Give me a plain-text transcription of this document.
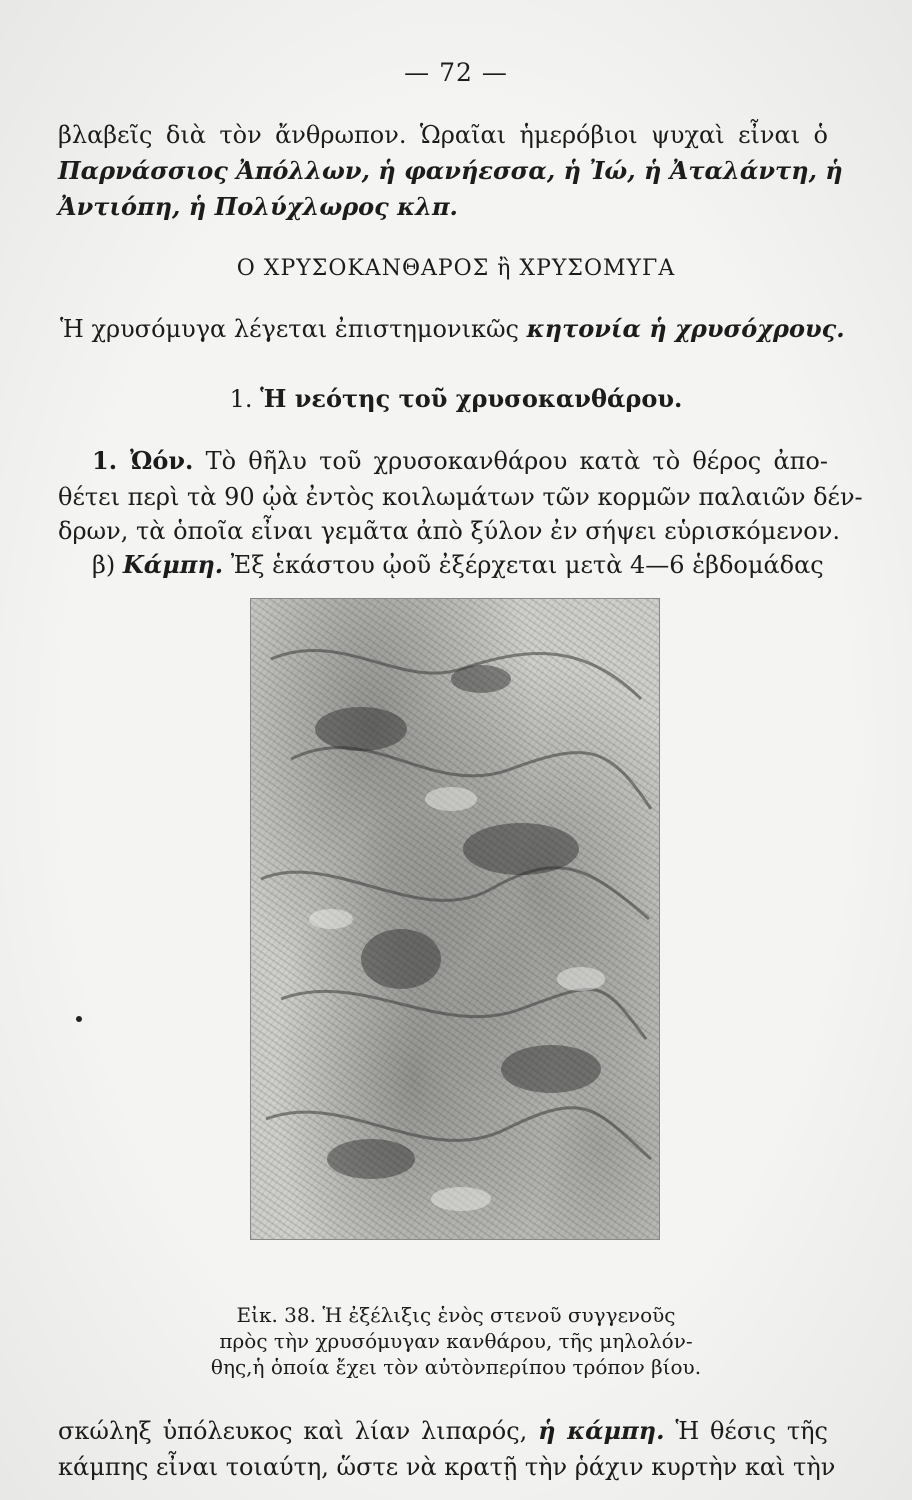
— 72 —
βλαβεῖς διὰ τὸν ἄνθρωπον. Ὡραῖαι ἡμερόβιοι ψυχαὶ εἶναι ὁ
Παρνάσσιος Ἀπόλλων, ἡ φανήεσσα, ἡ Ἰώ, ἡ Ἀταλάντη, ἡ
Ἀντιόπη, ἡ Πολύχλωρος κλπ.
Ο ΧΡΥΣΟΚΑΝΘΑΡΟΣ ἢ ΧΡΥΣΟΜΥΓΑ
Ἡ χρυσόμυγα λέγεται ἐπιστημονικῶς κητονία ἡ χρυσόχρους.
1. Ἡ νεότης τοῦ χρυσοκανθάρου.
1. Ὠόν. Τὸ θῆλυ τοῦ χρυσοκανθάρου κατὰ τὸ θέρος ἀπο-
θέτει περὶ τὰ 90 ᾠὰ ἐντὸς κοιλωμάτων τῶν κορμῶν παλαιῶν δέν-
δρων, τὰ ὁποῖα εἶναι γεμᾶτα ἀπὸ ξύλον ἐν σήψει εὑρισκόμενον.
β) Κάμπη. Ἐξ ἑκάστου ᾠοῦ ἐξέρχεται μετὰ 4—6 ἑβδομάδας
Εἰκ. 38. Ἡ ἐξέλιξις ἑνὸς στενοῦ συγγενοῦς
πρὸς τὴν χρυσόμυγαν κανθάρου, τῆς μηλολόν-
θης,ἡ ὁποία ἔχει τὸν αὐτὸνπερίπου τρόπον βίου.
σκώληξ ὑπόλευκος καὶ λίαν λιπαρός, ἡ κάμπη. Ἡ θέσις τῆς
κάμπης εἶναι τοιαύτη, ὥστε νὰ κρατῇ τὴν ῥάχιν κυρτὴν καὶ τὴν
